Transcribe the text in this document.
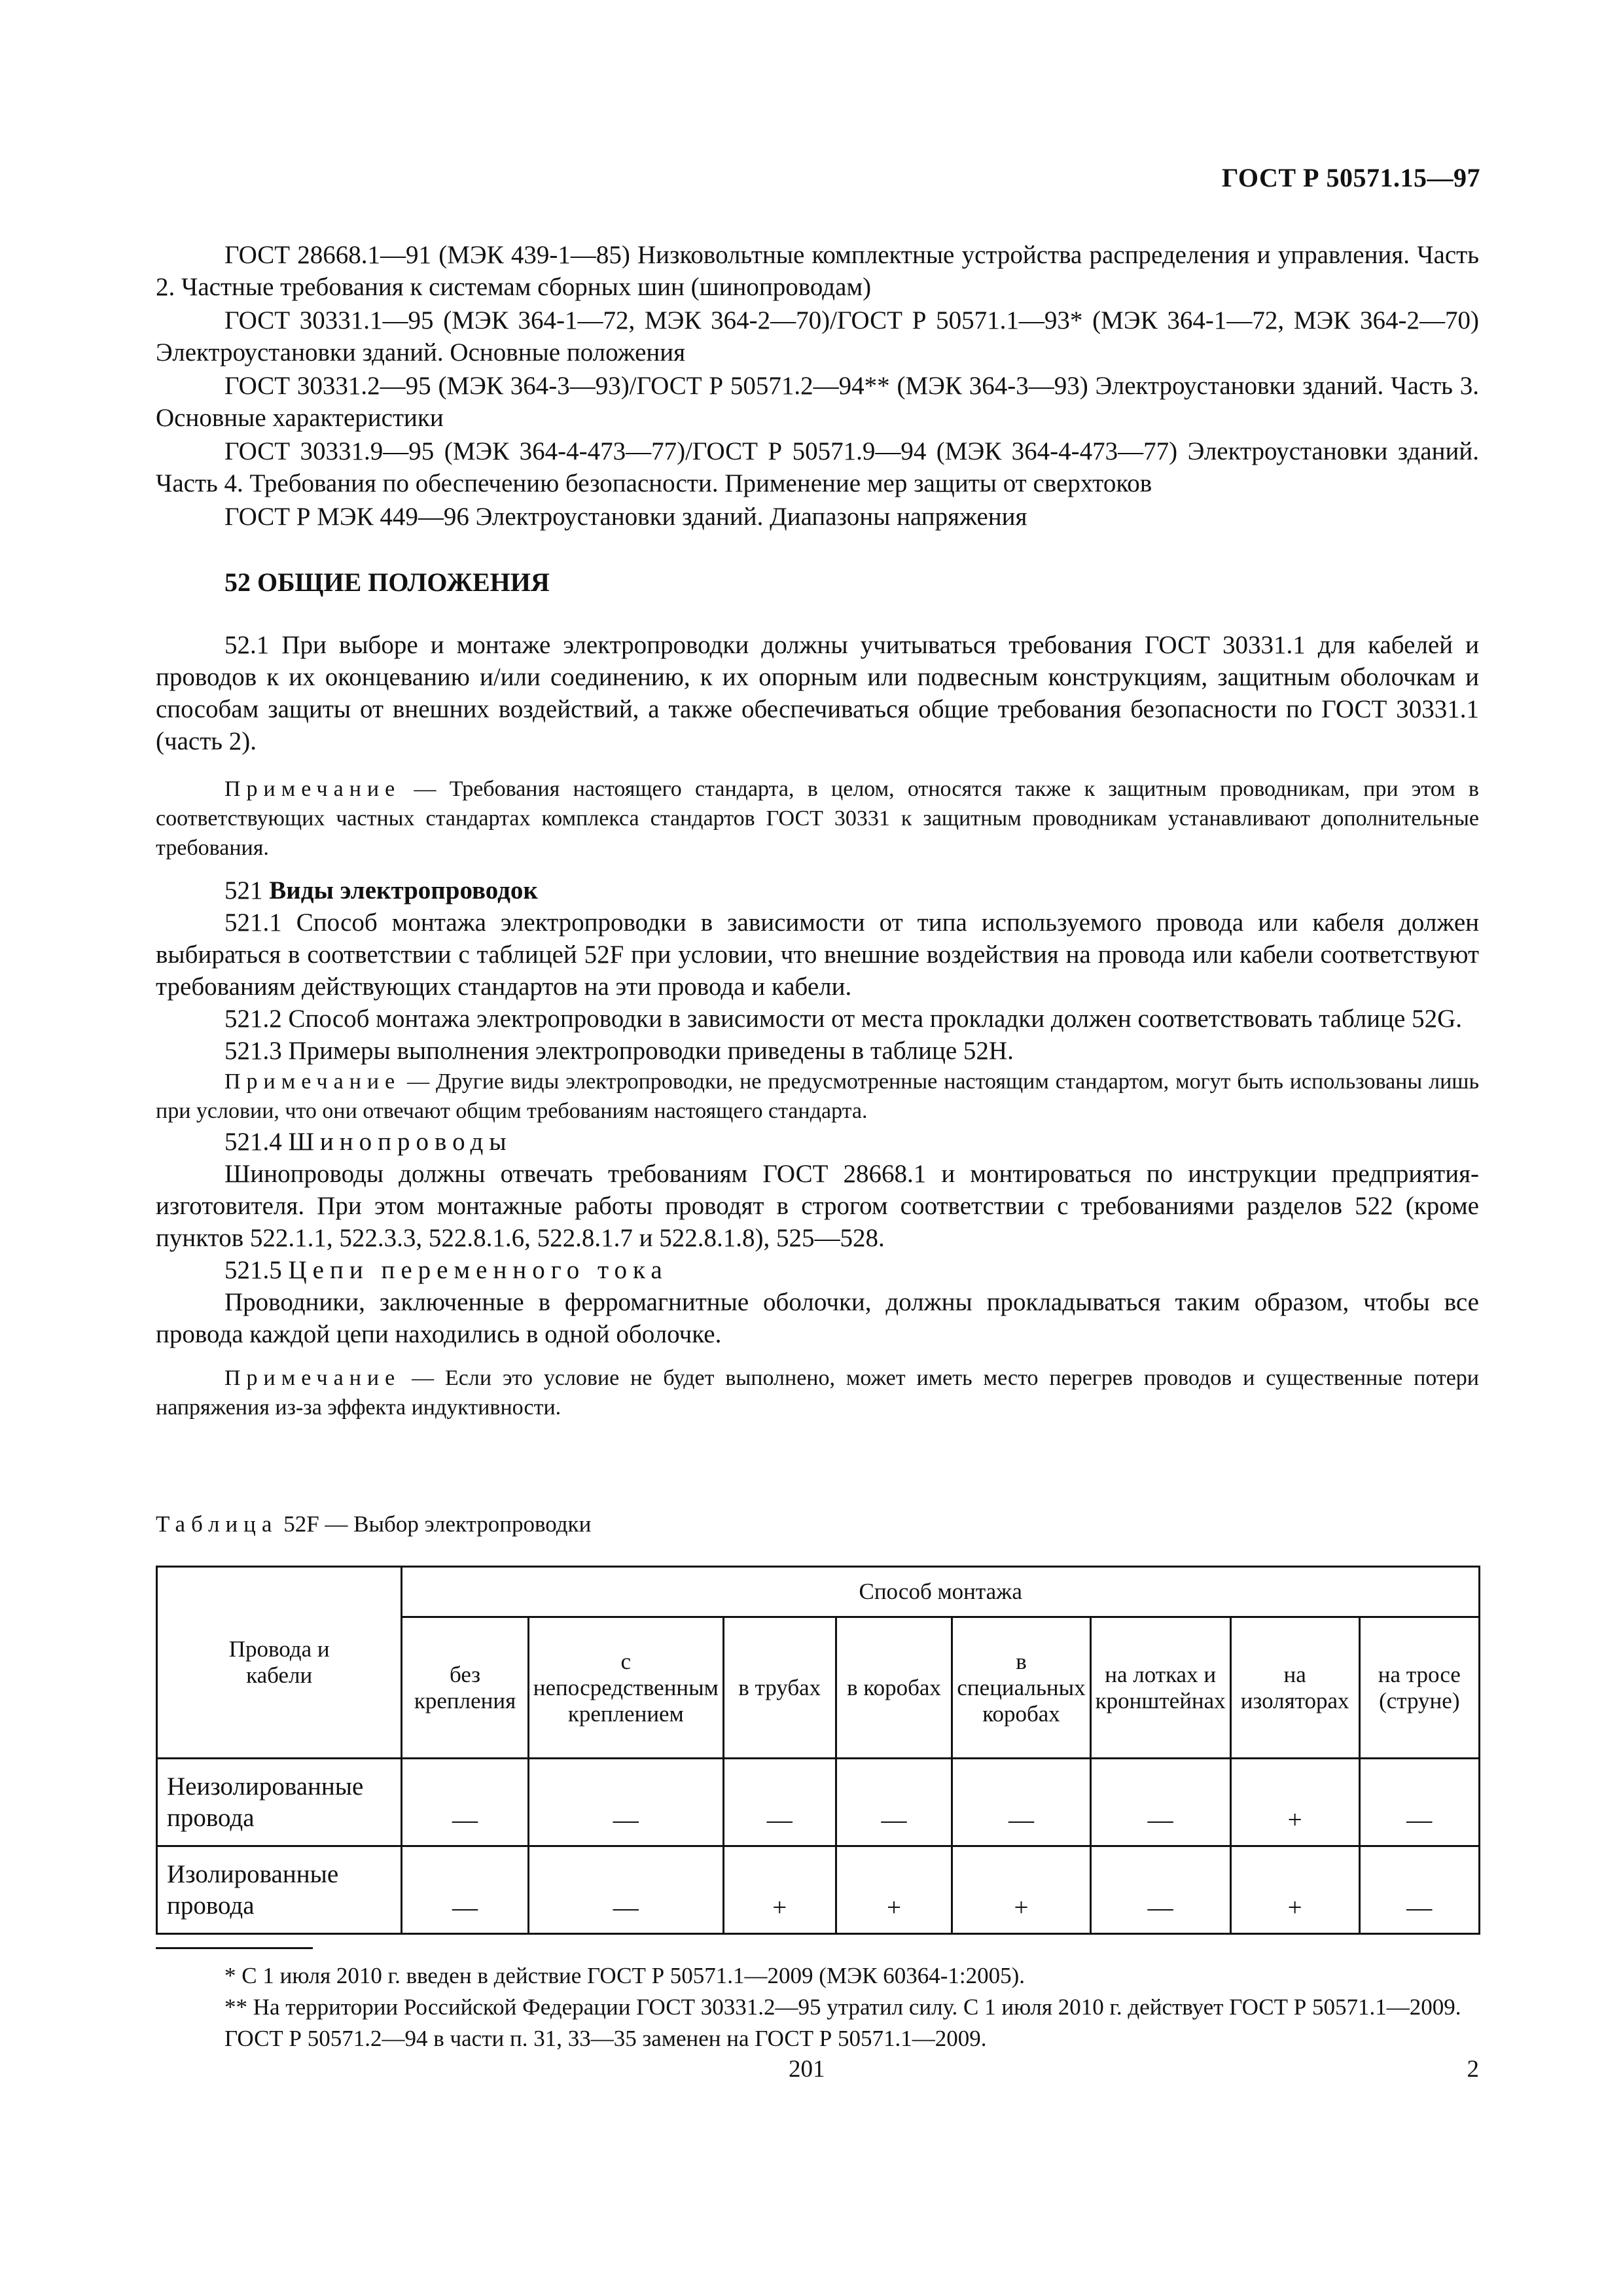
ГОСТ Р 50571.15—97

ГОСТ 28668.1—91 (МЭК 439-1—85) Низковольтные комплектные устройства распределения и управления. Часть 2. Частные требования к системам сборных шин (шинопроводам)

ГОСТ 30331.1—95 (МЭК 364-1—72, МЭК 364-2—70)/ГОСТ Р 50571.1—93* (МЭК 364-1—72, МЭК 364-2—70) Электроустановки зданий. Основные положения

ГОСТ 30331.2—95 (МЭК 364-3—93)/ГОСТ Р 50571.2—94** (МЭК 364-3—93) Электроустановки зданий. Часть 3. Основные характеристики

ГОСТ 30331.9—95 (МЭК 364-4-473—77)/ГОСТ Р 50571.9—94 (МЭК 364-4-473—77) Электроустановки зданий. Часть 4. Требования по обеспечению безопасности. Применение мер защиты от сверхтоков

ГОСТ Р МЭК 449—96 Электроустановки зданий. Диапазоны напряжения

52 ОБЩИЕ ПОЛОЖЕНИЯ

52.1 При выборе и монтаже электропроводки должны учитываться требования ГОСТ 30331.1 для кабелей и проводов к их оконцеванию и/или соединению, к их опорным или подвесным конструкциям, защитным оболочкам и способам защиты от внешних воздействий, а также обеспечиваться общие требования безопасности по ГОСТ 30331.1 (часть 2).

Примечание — Требования настоящего стандарта, в целом, относятся также к защитным проводникам, при этом в соответствующих частных стандартах комплекса стандартов ГОСТ 30331 к защитным проводникам устанавливают дополнительные требования.

521 Виды электропроводок

521.1 Способ монтажа электропроводки в зависимости от типа используемого провода или кабеля должен выбираться в соответствии с таблицей 52F при условии, что внешние воздействия на провода или кабели соответствуют требованиям действующих стандартов на эти провода и кабели.

521.2 Способ монтажа электропроводки в зависимости от места прокладки должен соответствовать таблице 52G.

521.3 Примеры выполнения электропроводки приведены в таблице 52H.

Примечание — Другие виды электропроводки, не предусмотренные настоящим стандартом, могут быть использованы лишь при условии, что они отвечают общим требованиям настоящего стандарта.

521.4 Шинопроводы

Шинопроводы должны отвечать требованиям ГОСТ 28668.1 и монтироваться по инструкции предприятия-изготовителя. При этом монтажные работы проводят в строгом соответствии с требованиями разделов 522 (кроме пунктов 522.1.1, 522.3.3, 522.8.1.6, 522.8.1.7 и 522.8.1.8), 525—528.

521.5 Цепи переменного тока

Проводники, заключенные в ферромагнитные оболочки, должны прокладываться таким образом, чтобы все провода каждой цепи находились в одной оболочке.

Примечание — Если это условие не будет выполнено, может иметь место перегрев проводов и существенные потери напряжения из-за эффекта индуктивности.

Таблица 52F — Выбор электропроводки
Провода и кабели	Способ монтажа							
	без крепления	с непосредственным креплением	в трубах	в коробах	в специальных коробах	на лотках и кронштейнах	на изоляторах	на тросе (струне)
Неизолированные провода	—	—	—	—	—	—	+	—
Изолированные провода	—	—	+	+	+	—	+	—

* С 1 июля 2010 г. введен в действие ГОСТ Р 50571.1—2009 (МЭК 60364-1:2005).

** На территории Российской Федерации ГОСТ 30331.2—95 утратил силу. С 1 июля 2010 г. действует ГОСТ Р 50571.1—2009.

ГОСТ Р 50571.2—94 в части п. 31, 33—35 заменен на ГОСТ Р 50571.1—2009.

201	2
